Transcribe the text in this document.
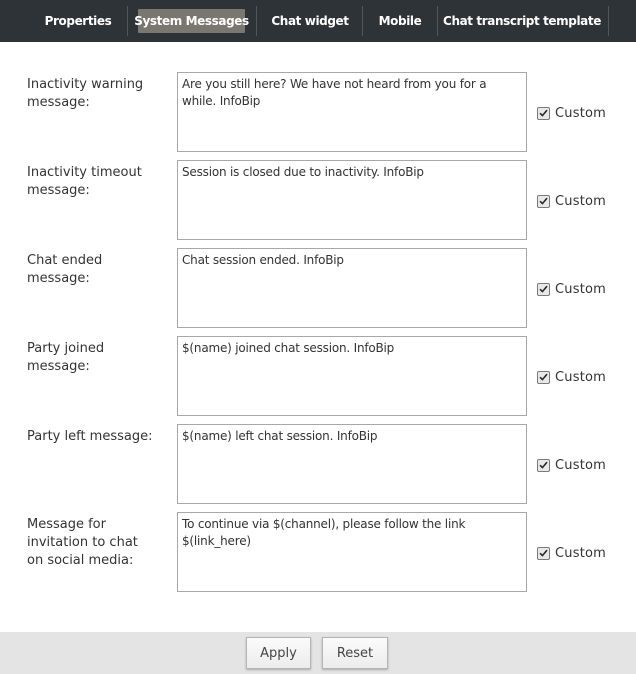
Properties	System Messages Chat widget	Mobile	Chat transcript template
Inactivity warning message:
Are you still here? We have not heard from you for a while. InfoBip
Custom
Inactivity timeout message:
Session is closed due to inactivity. InfoBip
Custom
Chat ended message:
Chat session ended. InfoBip
Custom
Party joined message:
$(name) joined chat session. InfoBip
Custom
Party left message:
$(name) left chat session. InfoBip
Custom
Message for invitation to chat on social media:
To continue via $(channel), please follow the link $(link_here)	Custom
Apply	Reset
